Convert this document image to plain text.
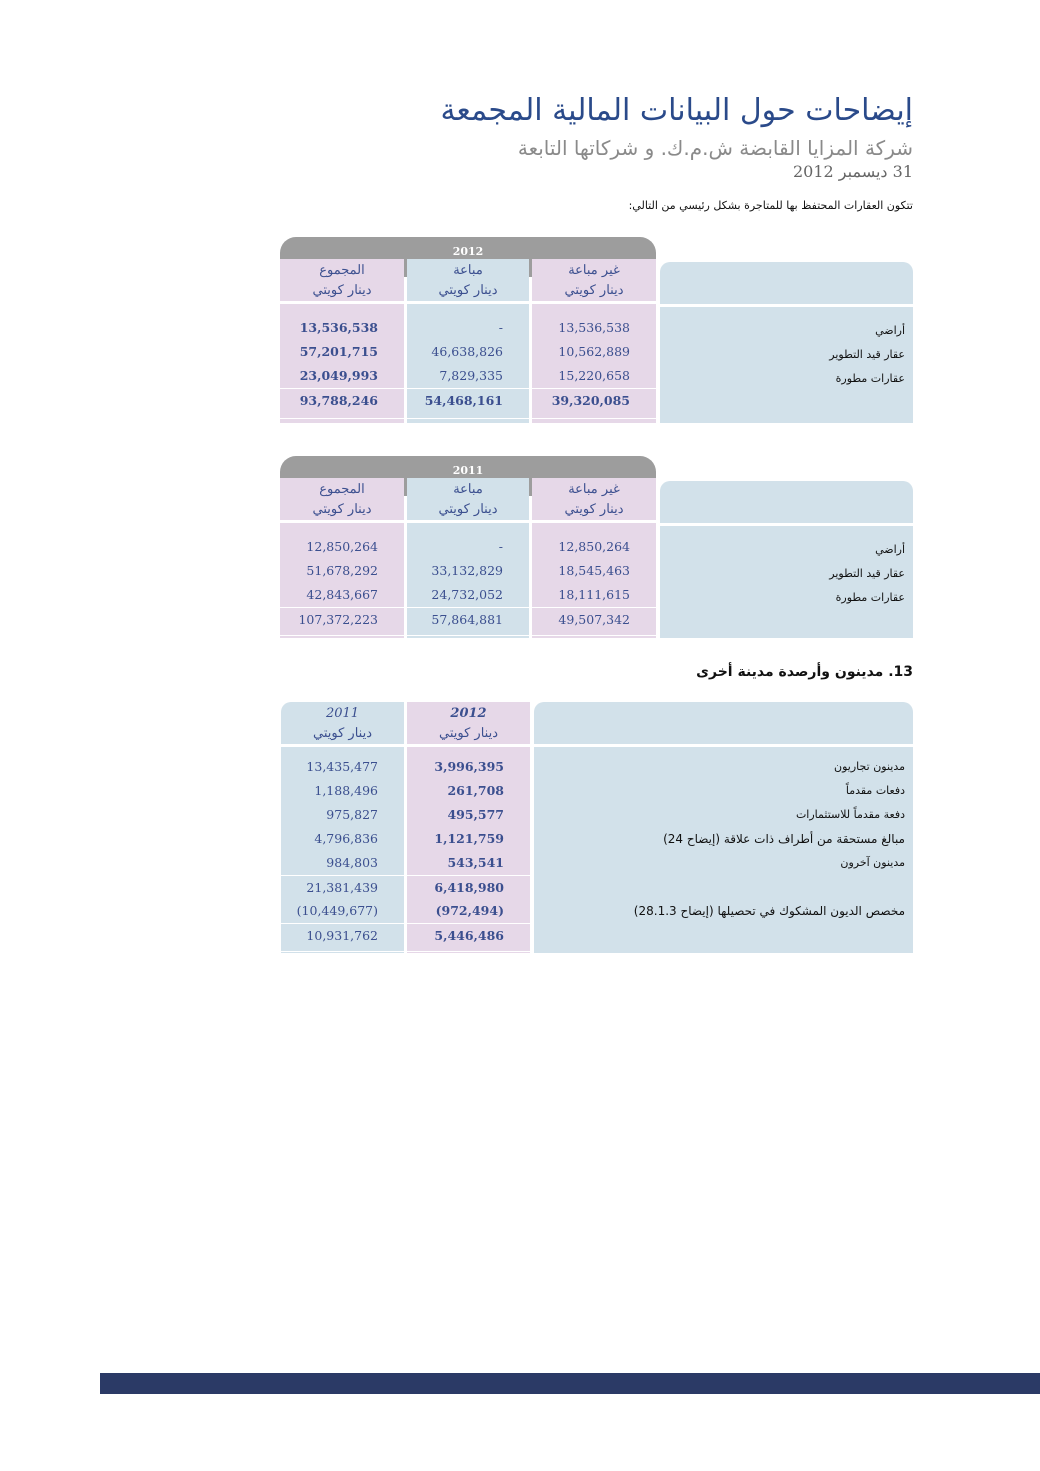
إيضاحات حول البيانات المالية المجمعة
شركة المزايا القابضة ش.م.ك. و شركاتها التابعة
31 ديسمبر 2012
تتكون العقارات المحتفظ بها للمتاجرة بشكل رئيسي من التالي:
2012
المجموع
دينار كويتي
13,536,538
57,201,715
23,049,993
93,788,246
مباعة
دينار كويتي
-
46,638,826
7,829,335
54,468,161
غير مباعة
دينار كويتي
13,536,538
10,562,889
15,220,658
39,320,085
أراضي
عقار قيد التطوير
عقارات مطورة
2011
المجموع
دينار كويتي
12,850,264
51,678,292
42,843,667
107,372,223
مباعة
دينار كويتي
-
33,132,829
24,732,052
57,864,881
غير مباعة
دينار كويتي
12,850,264
18,545,463
18,111,615
49,507,342
أراضي
عقار قيد التطوير
عقارات مطورة
13. مدينون وأرصدة مدينة أخرى
2011
دينار كويتي
13,435,477
1,188,496
975,827
4,796,836
984,803
21,381,439
(10,449,677)
10,931,762
2012
دينار كويتي
3,996,395
261,708
495,577
1,121,759
543,541
6,418,980
(972,494)
5,446,486
مدينون تجاريون
دفعات مقدماً
دفعة مقدماً للاستثمارات
مبالغ مستحقة من أطراف ذات علاقة (إيضاح 24)
مدينون آخرون
مخصص الديون المشكوك في تحصيلها (إيضاح 28.1.3)
